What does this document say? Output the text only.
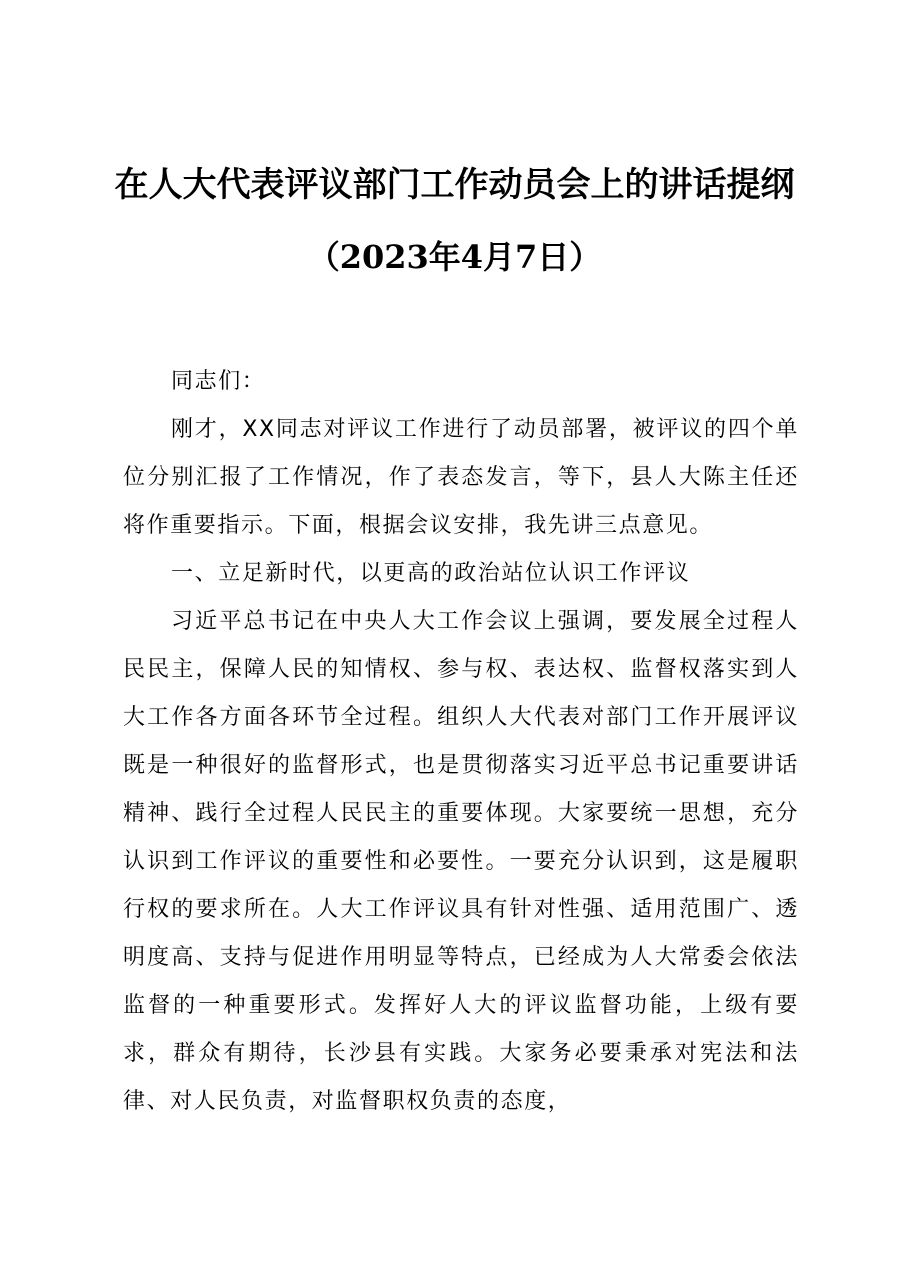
在人大代表评议部门工作动员会上的讲话提纲
（2023年4月7日）

同志们：

刚才，XX同志对评议工作进行了动员部署，被评议的四个单位分别汇报了工作情况，作了表态发言，等下，县人大陈主任还将作重要指示。下面，根据会议安排，我先讲三点意见。

一、立足新时代，以更高的政治站位认识工作评议

习近平总书记在中央人大工作会议上强调，要发展全过程人民民主，保障人民的知情权、参与权、表达权、监督权落实到人大工作各方面各环节全过程。组织人大代表对部门工作开展评议既是一种很好的监督形式，也是贯彻落实习近平总书记重要讲话精神、践行全过程人民民主的重要体现。大家要统一思想，充分认识到工作评议的重要性和必要性。一要充分认识到，这是履职行权的要求所在。人大工作评议具有针对性强、适用范围广、透明度高、支持与促进作用明显等特点，已经成为人大常委会依法监督的一种重要形式。发挥好人大的评议监督功能，上级有要求，群众有期待，长沙县有实践。大家务必要秉承对宪法和法律、对人民负责，对监督职权负责的态度，
